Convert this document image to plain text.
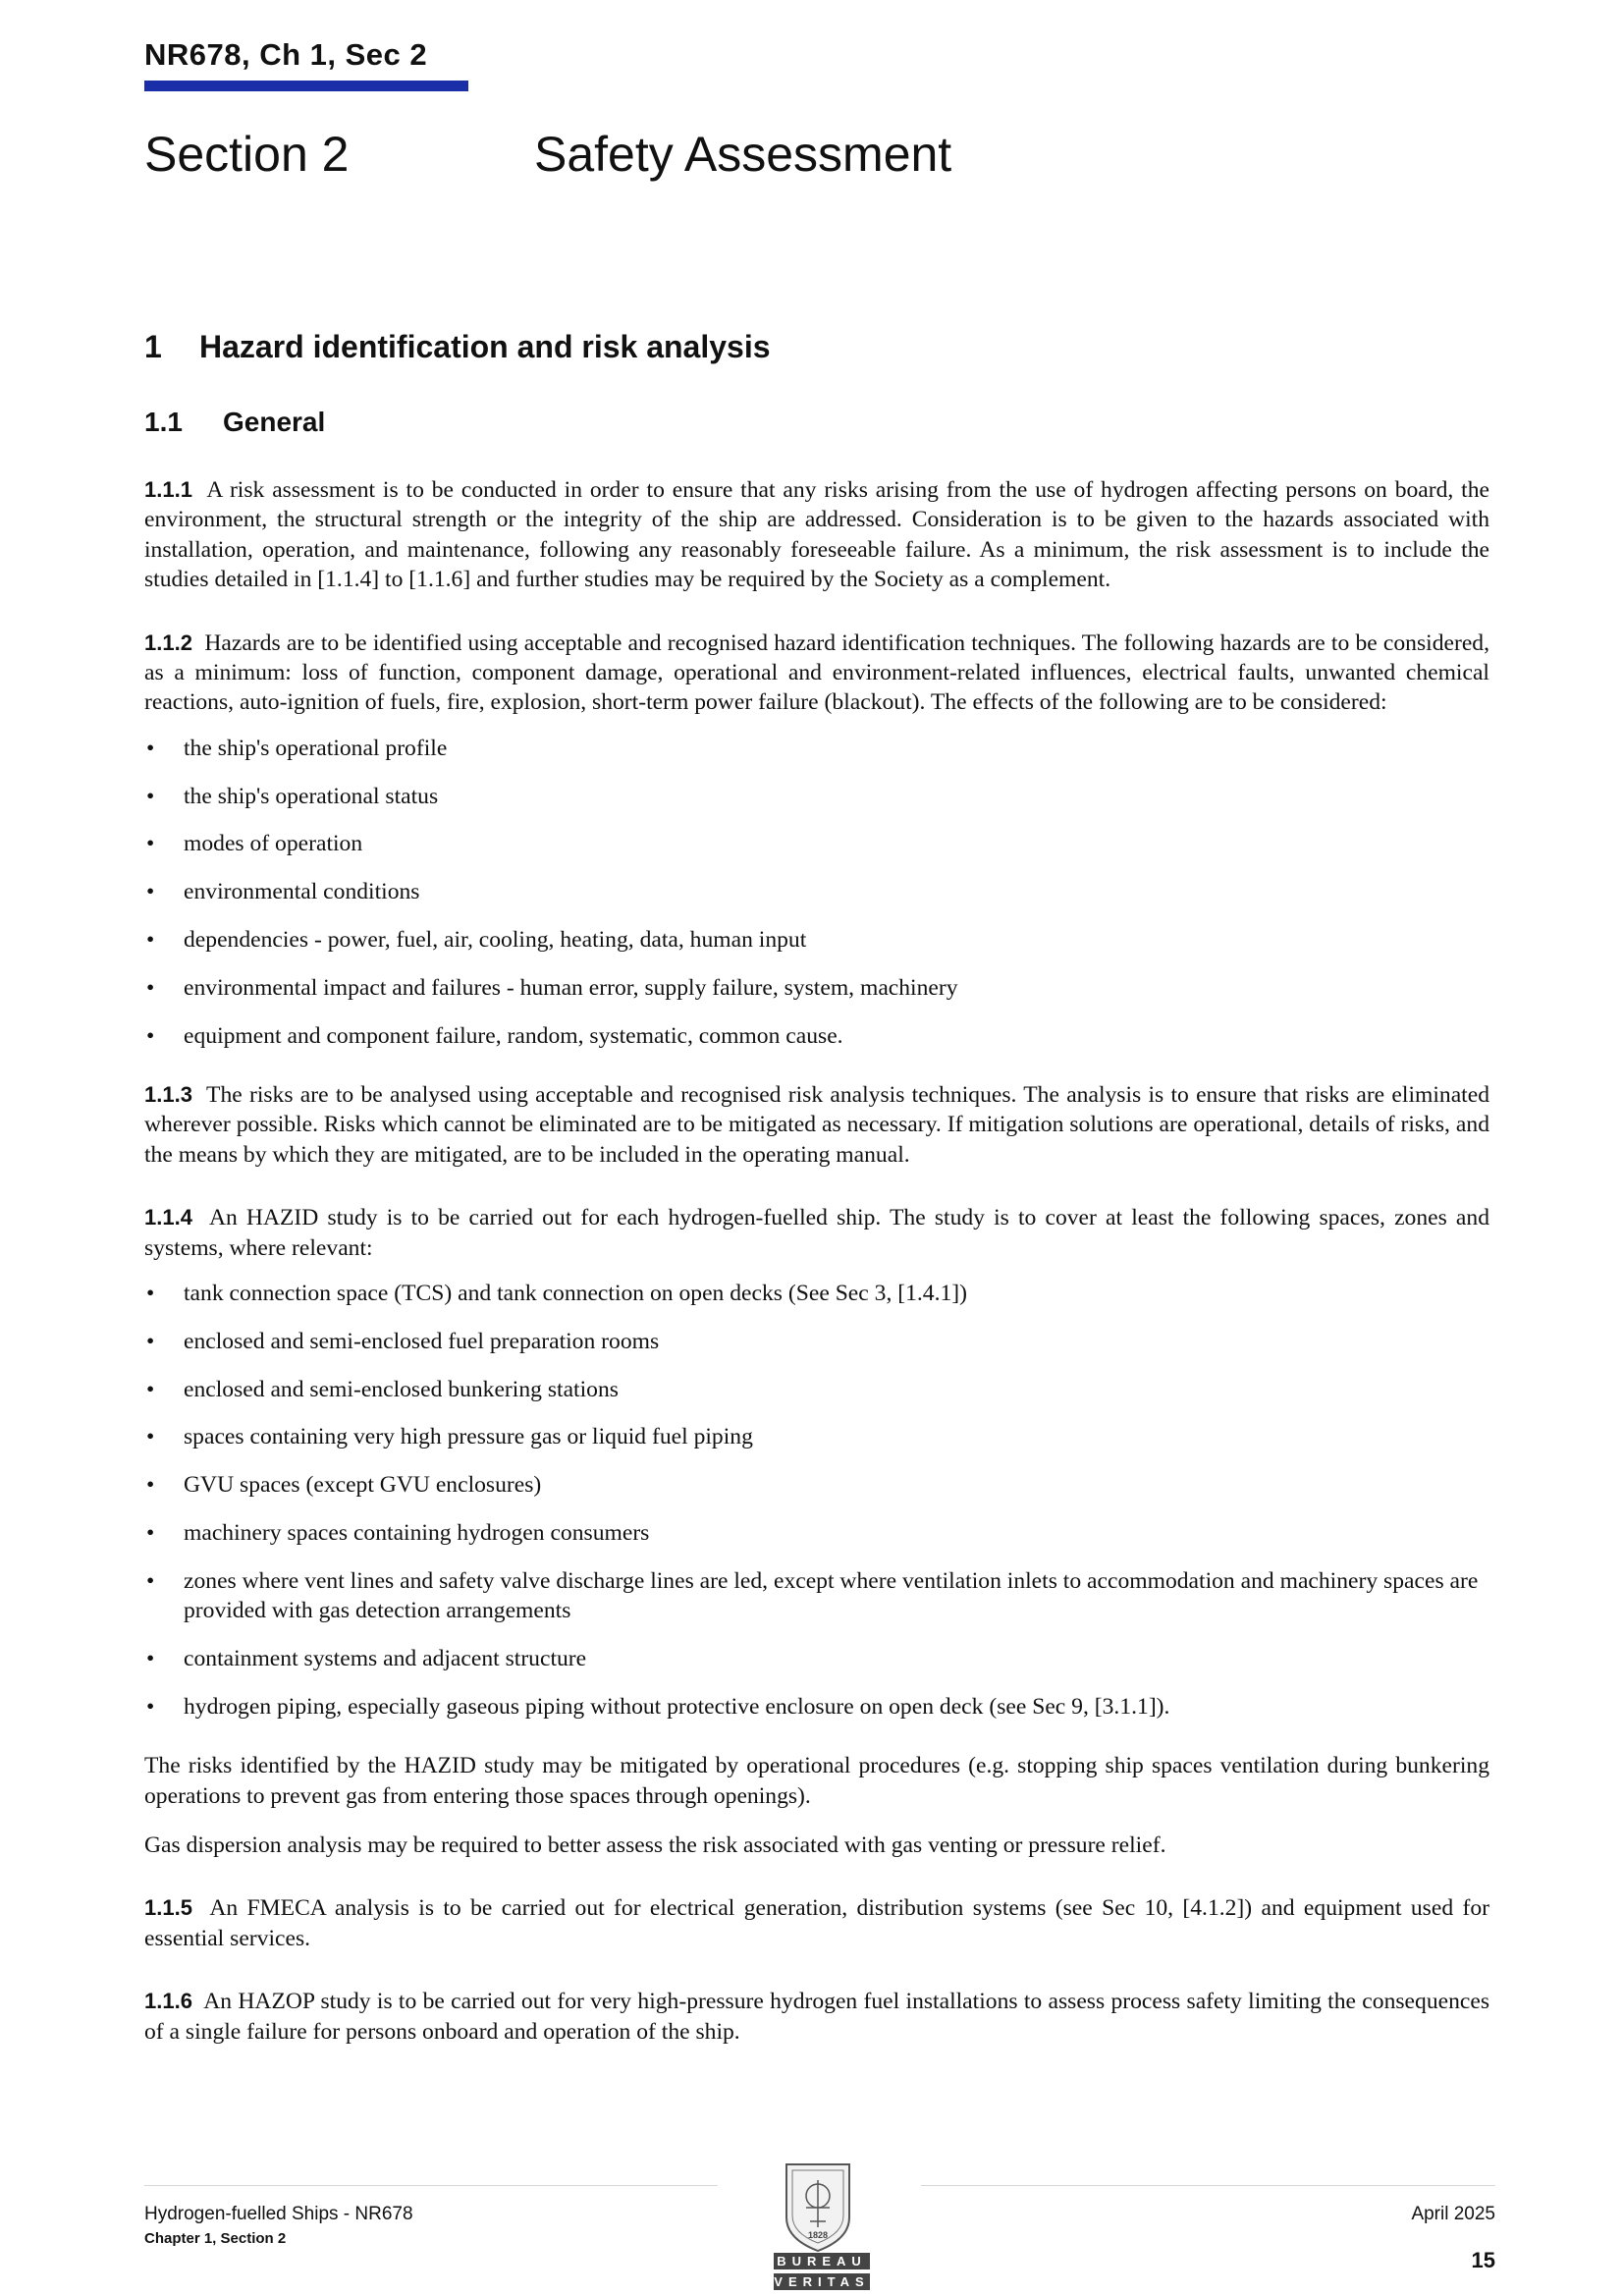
NR678, Ch 1, Sec 2
Section 2	Safety Assessment
1 Hazard identification and risk analysis
1.1 General

1.1.1 A risk assessment is to be conducted in order to ensure that any risks arising from the use of hydrogen affecting persons on board, the environment, the structural strength or the integrity of the ship are addressed. Consideration is to be given to the hazards associated with installation, operation, and maintenance, following any reasonably foreseeable failure. As a minimum, the risk assessment is to include the studies detailed in [1.1.4] to [1.1.6] and further studies may be required by the Society as a complement.

1.1.2 Hazards are to be identified using acceptable and recognised hazard identification techniques. The following hazards are to be considered, as a minimum: loss of function, component damage, operational and environment-related influences, electrical faults, unwanted chemical reactions, auto-ignition of fuels, fire, explosion, short-term power failure (blackout). The effects of the following are to be considered:

• the ship's operational profile
• the ship's operational status
• modes of operation
• environmental conditions
• dependencies - power, fuel, air, cooling, heating, data, human input
• environmental impact and failures - human error, supply failure, system, machinery
• equipment and component failure, random, systematic, common cause.

1.1.3 The risks are to be analysed using acceptable and recognised risk analysis techniques. The analysis is to ensure that risks are eliminated wherever possible. Risks which cannot be eliminated are to be mitigated as necessary. If mitigation solutions are operational, details of risks, and the means by which they are mitigated, are to be included in the operating manual.

1.1.4 An HAZID study is to be carried out for each hydrogen-fuelled ship. The study is to cover at least the following spaces, zones and systems, where relevant:

• tank connection space (TCS) and tank connection on open decks (See Sec 3, [1.4.1])
• enclosed and semi-enclosed fuel preparation rooms
• enclosed and semi-enclosed bunkering stations
• spaces containing very high pressure gas or liquid fuel piping
• GVU spaces (except GVU enclosures)
• machinery spaces containing hydrogen consumers
• zones where vent lines and safety valve discharge lines are led, except where ventilation inlets to accommodation and machinery spaces are provided with gas detection arrangements
• containment systems and adjacent structure
• hydrogen piping, especially gaseous piping without protective enclosure on open deck (see Sec 9, [3.1.1]).

The risks identified by the HAZID study may be mitigated by operational procedures (e.g. stopping ship spaces ventilation during bunkering operations to prevent gas from entering those spaces through openings).

Gas dispersion analysis may be required to better assess the risk associated with gas venting or pressure relief.

1.1.5 An FMECA analysis is to be carried out for electrical generation, distribution systems (see Sec 10, [4.1.2]) and equipment used for essential services.

1.1.6 An HAZOP study is to be carried out for very high-pressure hydrogen fuel installations to assess process safety limiting the consequences of a single failure for persons onboard and operation of the ship.

Hydrogen-fuelled Ships - NR678
Chapter 1, Section 2
April 2025
15
1828
BUREAU
VERITAS
